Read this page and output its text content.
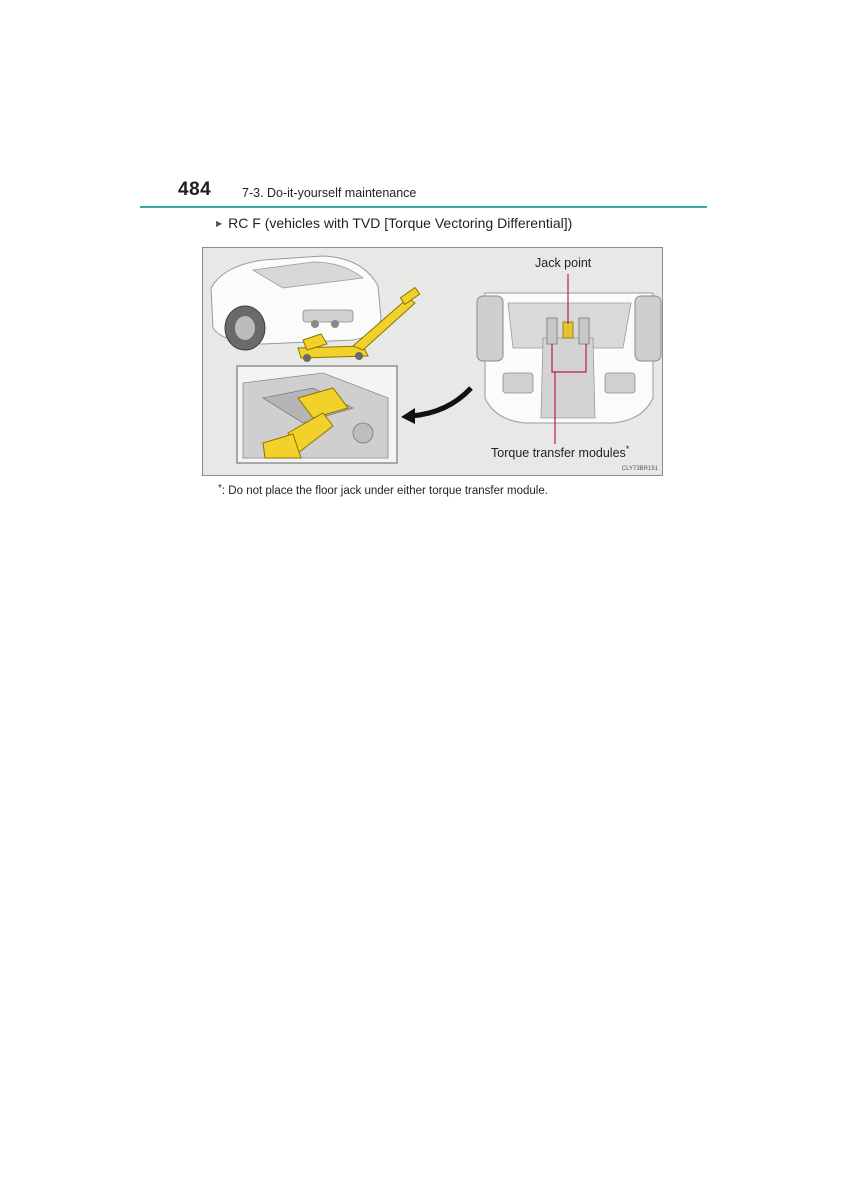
484 7-3. Do-it-yourself maintenance
▶ RC F (vehicles with TVD [Torque Vectoring Differential])
Jack point
Torque transfer modules*
CLY73BR151
*: Do not place the floor jack under either torque transfer module.
